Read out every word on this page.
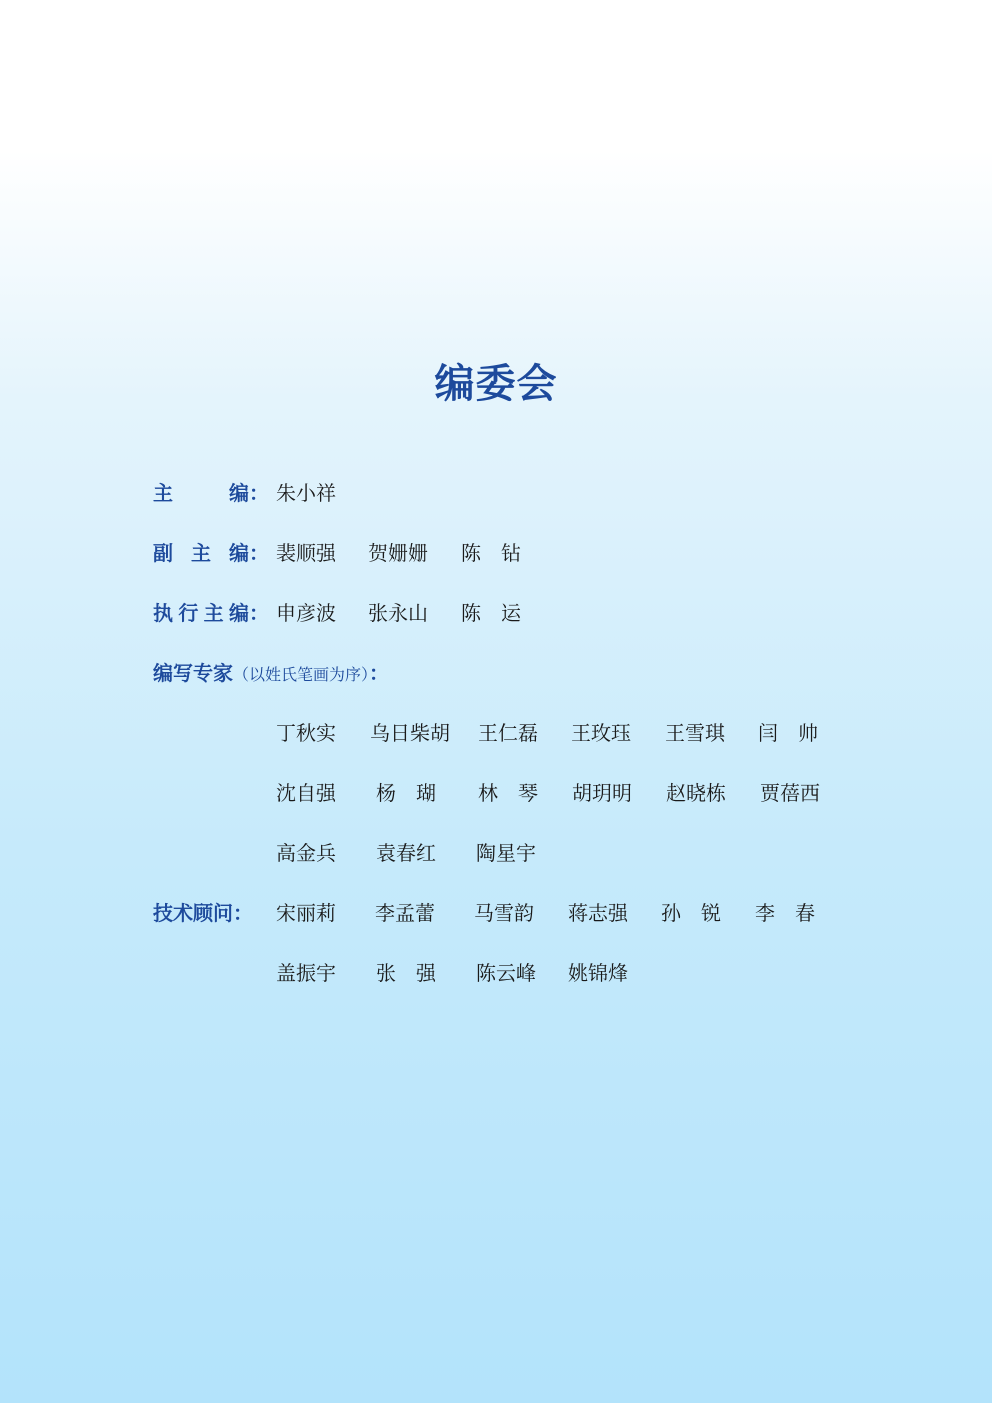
编委会
主	编 ： 朱小祥
副 主 编 ： 裴顺强 贺姗姗 陈　钻
执 行 主 编 ： 申彦波 张永山 陈　运
编写专家（以姓氏笔画为序）：
丁秋实 乌日柴胡 王仁磊 王玫珏 王雪琪 闫　帅
沈自强 杨　瑚 林　琴 胡玥明 赵晓栋 贾蓓西
高金兵 袁春红 陶星宇
技术顾问： 宋丽莉 李孟蕾 马雪韵 蒋志强 孙　锐 李　春
盖振宇 张　强 陈云峰 姚锦烽
